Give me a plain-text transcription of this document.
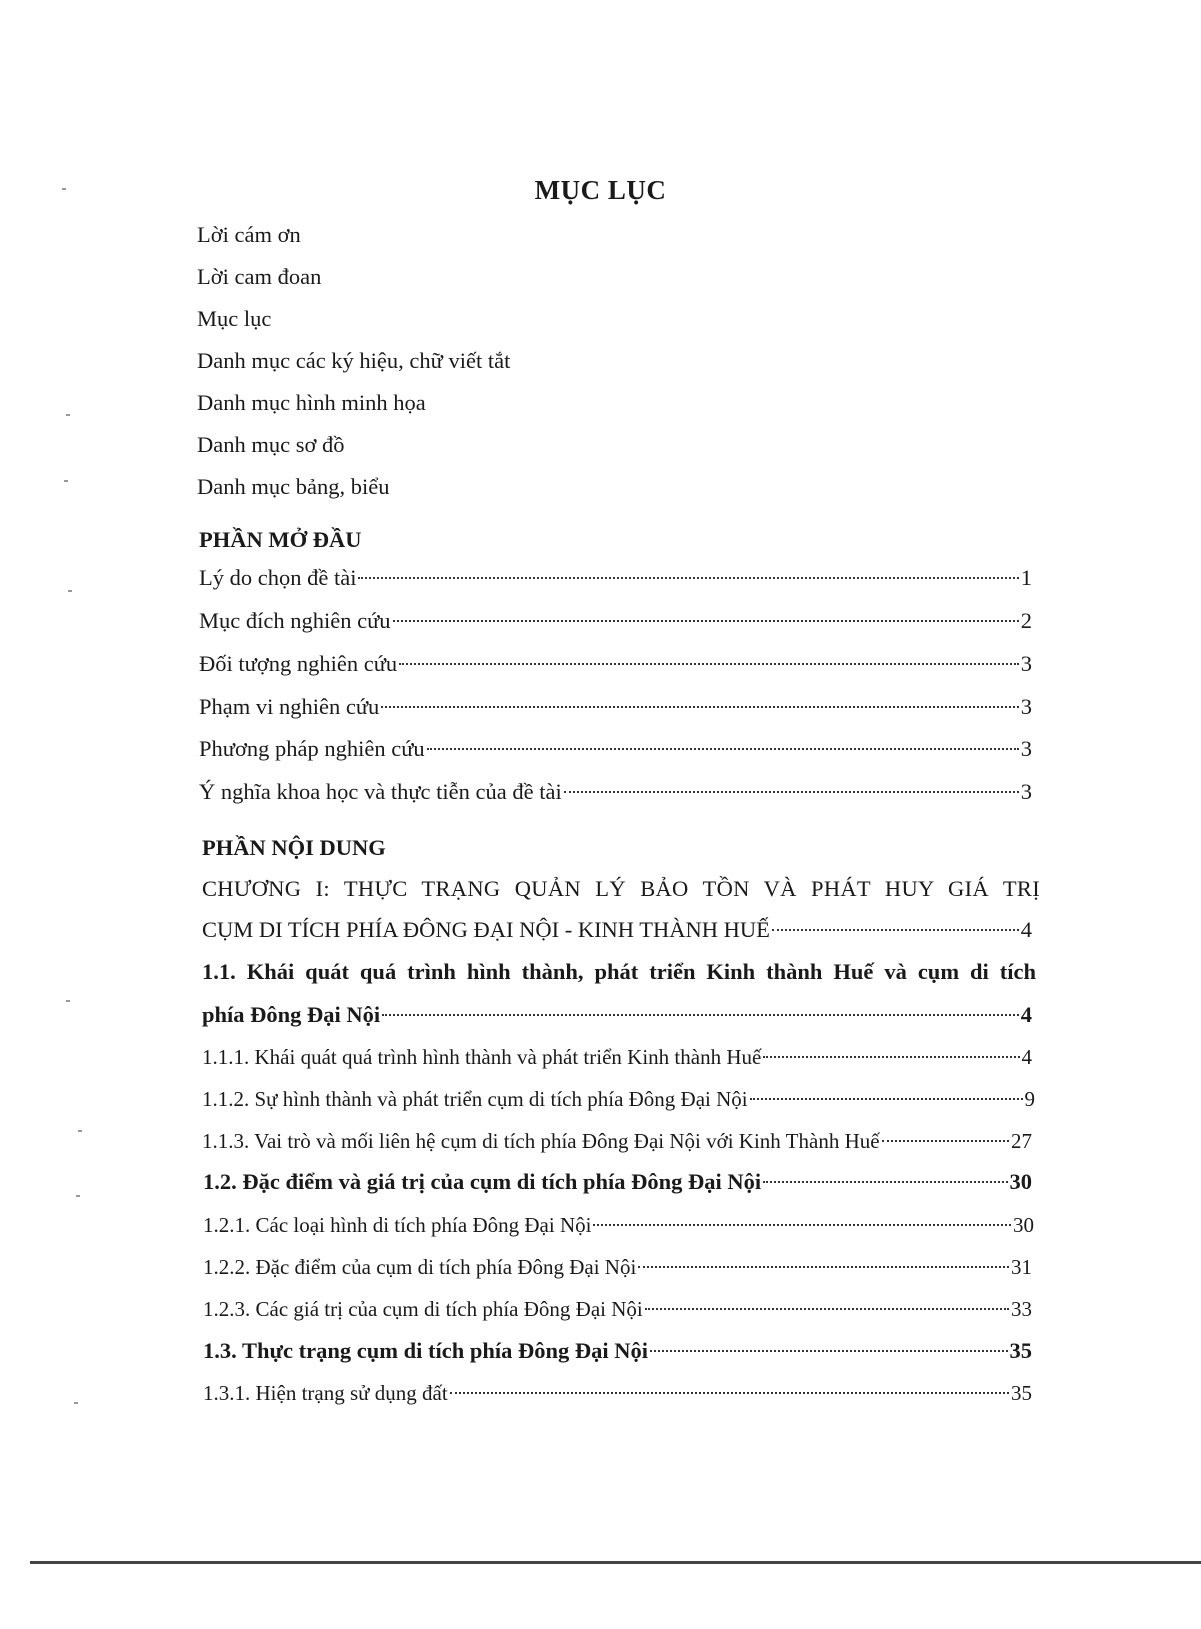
MỤC LỤC
Lời cám ơn
Lời cam đoan
Mục lục
Danh mục các ký hiệu, chữ viết tắt
Danh mục hình minh họa
Danh mục sơ đồ
Danh mục bảng, biểu
PHẦN MỞ ĐẦU
Lý do chọn đề tài	1
Mục đích nghiên cứu	2
Đối tượng nghiên cứu	3
Phạm vi nghiên cứu	3
Phương pháp nghiên cứu	3
Ý nghĩa khoa học và thực tiễn của đề tài	3
PHẦN NỘI DUNG
CHƯƠNG I: THỰC TRẠNG QUẢN LÝ BẢO TỒN VÀ PHÁT HUY GIÁ TRỊ
CỤM DI TÍCH PHÍA ĐÔNG ĐẠI NỘI - KINH THÀNH HUẾ	4
1.1. Khái quát quá trình hình thành, phát triển Kinh thành Huế và cụm di tích
phía Đông Đại Nội	4
1.1.1. Khái quát quá trình hình thành và phát triển Kinh thành Huế	4
1.1.2. Sự hình thành và phát triển cụm di tích phía Đông Đại Nội	9
1.1.3. Vai trò và mối liên hệ cụm di tích phía Đông Đại Nội với Kinh Thành Huế	27
1.2. Đặc điểm và giá trị của cụm di tích phía Đông Đại Nội	30
1.2.1. Các loại hình di tích phía Đông Đại Nội	30
1.2.2. Đặc điểm của cụm di tích phía Đông Đại Nội	31
1.2.3. Các giá trị của cụm di tích phía Đông Đại Nội	33
1.3. Thực trạng cụm di tích phía Đông Đại Nội	35
1.3.1. Hiện trạng sử dụng đất	35
